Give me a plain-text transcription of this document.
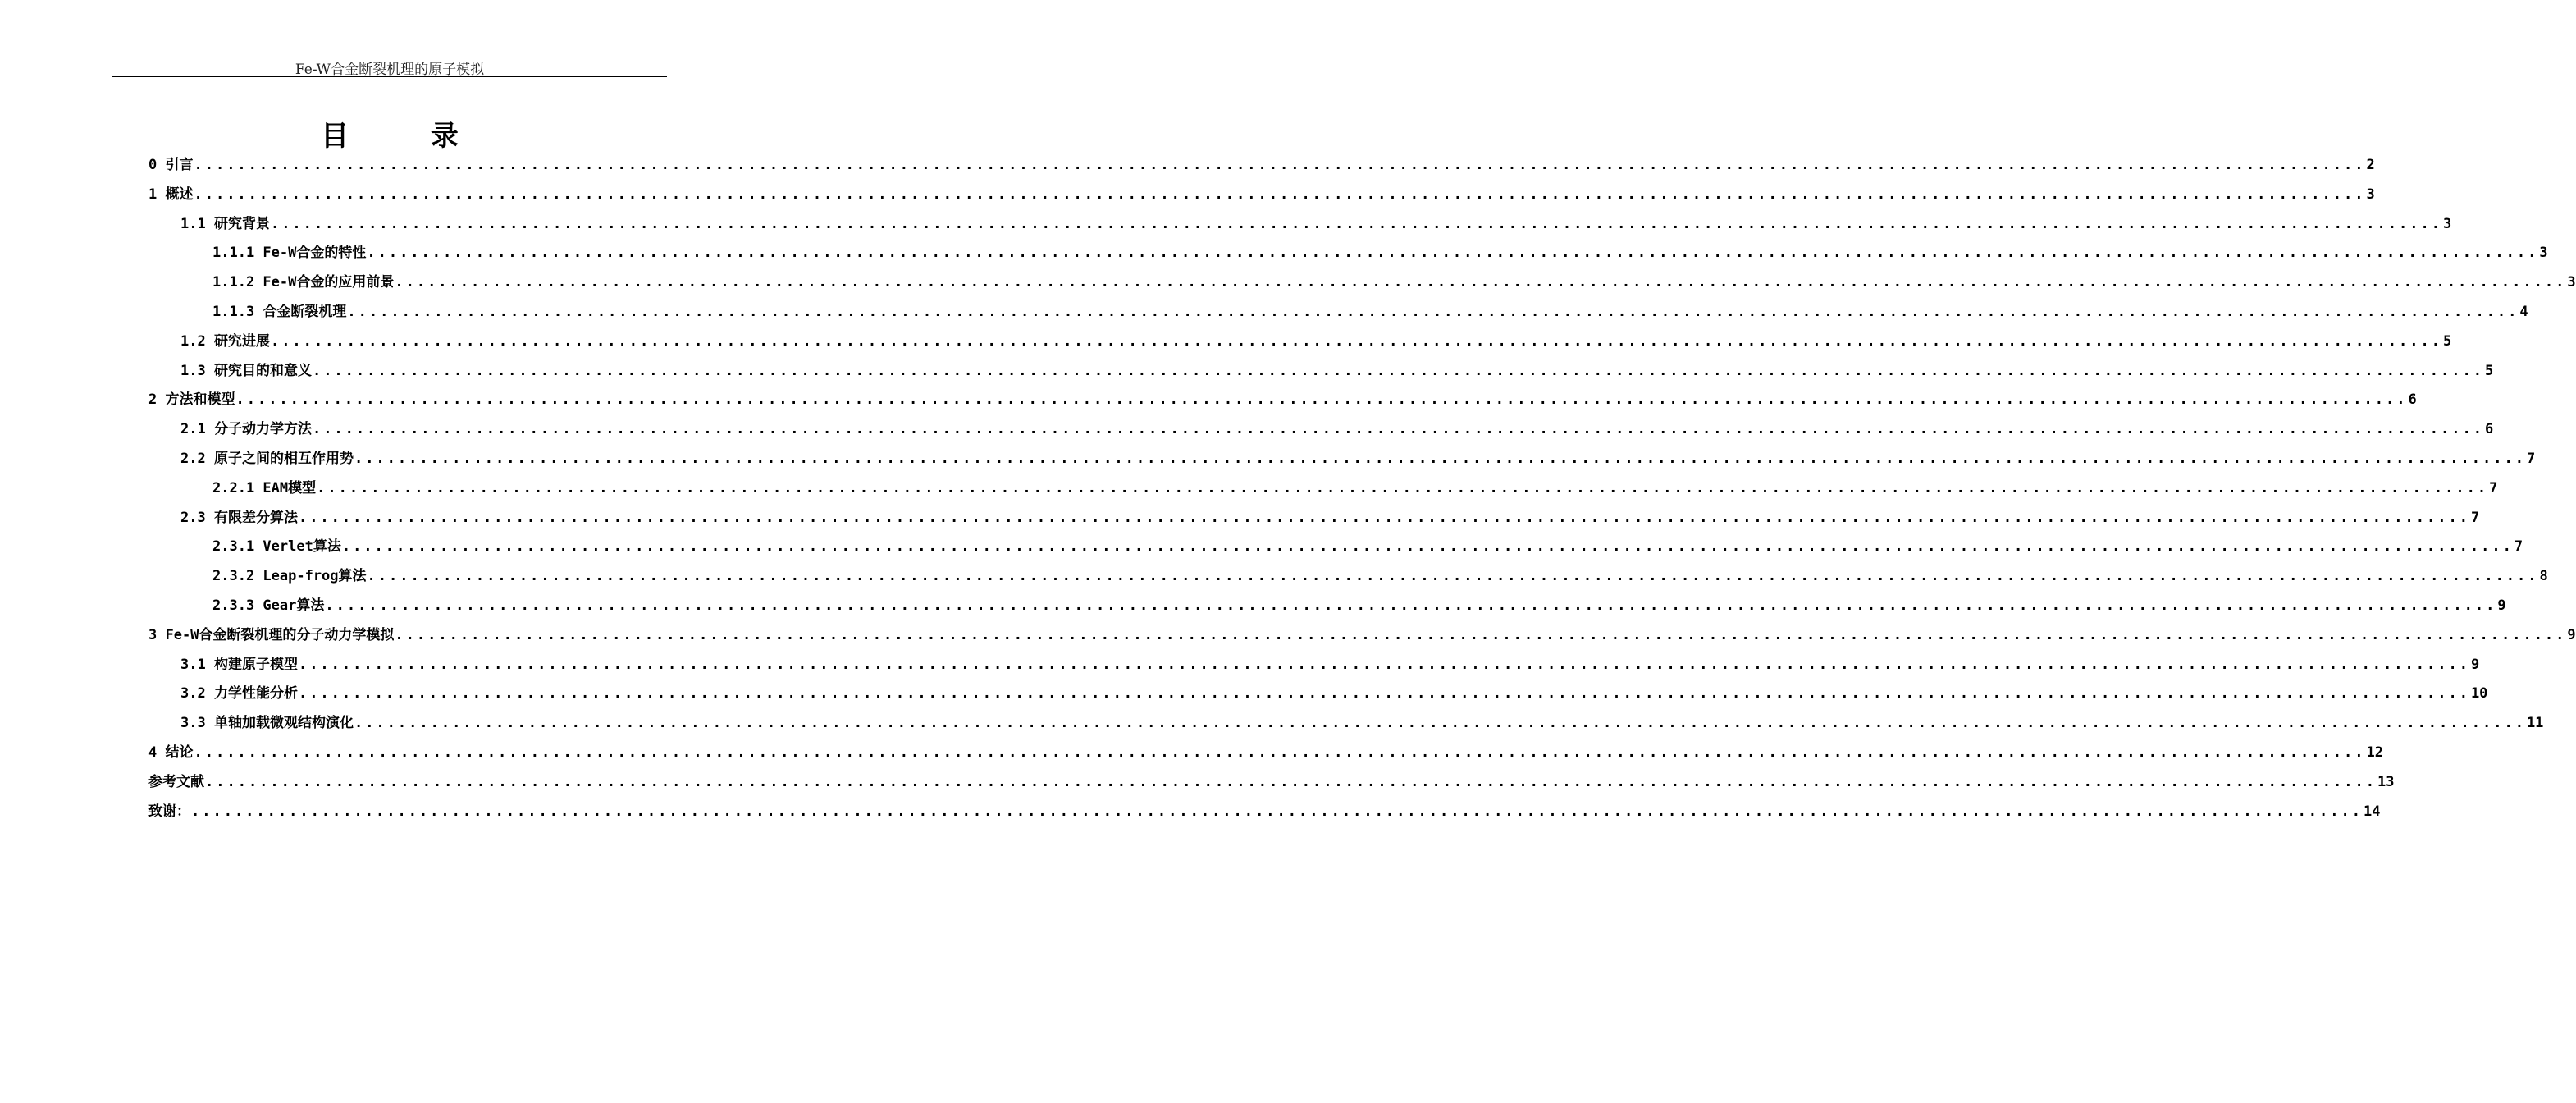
Fe-W合金断裂机理的原子模拟
目 录
0 引言 ........................................................................................................................................................................................................ 2
1 概述 ........................................................................................................................................................................................................ 3
1.1 研究背景 ........................................................................................................................................................................................................ 3
1.1.1 Fe-W合金的特性 ........................................................................................................................................................................................................ 3
1.1.2 Fe-W合金的应用前景 ........................................................................................................................................................................................................ 3
1.1.3 合金断裂机理 ........................................................................................................................................................................................................ 4
1.2 研究进展 ........................................................................................................................................................................................................ 5
1.3 研究目的和意义 ........................................................................................................................................................................................................ 5
2 方法和模型 ........................................................................................................................................................................................................ 6
2.1 分子动力学方法 ........................................................................................................................................................................................................ 6
2.2 原子之间的相互作用势 ........................................................................................................................................................................................................ 7
2.2.1 EAM模型 ........................................................................................................................................................................................................ 7
2.3 有限差分算法 ........................................................................................................................................................................................................ 7
2.3.1 Verlet算法 ........................................................................................................................................................................................................ 7
2.3.2 Leap-frog算法 ........................................................................................................................................................................................................ 8
2.3.3 Gear算法 ........................................................................................................................................................................................................ 9
3 Fe-W合金断裂机理的分子动力学模拟 ........................................................................................................................................................................................................ 9
3.1 构建原子模型 ........................................................................................................................................................................................................ 9
3.2 力学性能分析 ........................................................................................................................................................................................................ 10
3.3 单轴加载微观结构演化 ........................................................................................................................................................................................................ 11
4 结论 ........................................................................................................................................................................................................ 12
参考文献 ........................................................................................................................................................................................................ 13
致谢： ........................................................................................................................................................................................................ 14
